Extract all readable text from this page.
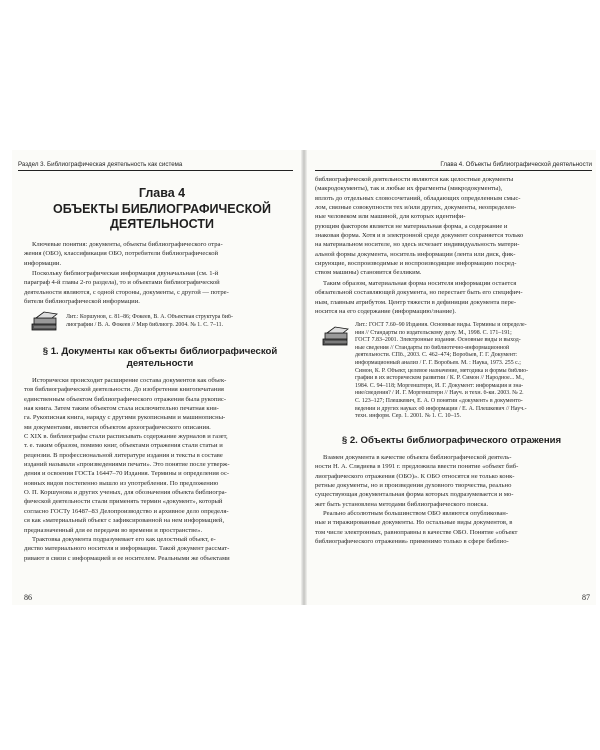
Раздел 3. Библиографическая деятельность как система
Глава 4
ОБЪЕКТЫ БИБЛИОГРАФИЧЕСКОЙ
ДЕЯТЕЛЬНОСТИ
Ключевые понятия: документы, объекты библиографического отра-
жения (ОБО), классификация ОБО, потребители библиографической
информации.
Поскольку библиографическая информация двуначальная (см. 1-й
параграф 4-й главы 2-го раздела), то и объектами библиографической
деятельности являются, с одной стороны, документы, с другой — потре-
бители библиографической информации.
Лит.: Коршунов, с. 81–86; Фокеев, В. А. Объектная структура биб-
лиографии / В. А. Фокеев // Мир библиогр. 2004. № 1. С. 7–11.
§ 1. Документы как объекты библиографической
деятельности
Исторически происходит расширение состава документов как объек-
тов библиографической деятельности. До изобретения книгопечатания
единственным объектом библиографического отражения была рукопис-
ная книга. Затем таким объектом стала исключительно печатная кни-
га. Рукописная книга, наряду с другими рукописными и машинописны-
ми документами, является объектом археографического описания.
С XIX в. библиографы стали расписывать содержание журналов и газет,
т. е. таким образом, помимо книг, объектами отражения стали статьи и
рецензии. В профессиональной литературе издания и тексты в составе
изданий называли «произведениями печати». Это понятие после утверж-
дения и освоения ГОСТа 16447–70 Издания. Термины и определения ос-
новных видов постепенно вышло из употребления. По предложению
О. П. Коршунова и других ученых, для обозначения объекта библиогра-
фической деятельности стали применять термин «документ», который
согласно ГОСТу 16487–83 Делопроизводство и архивное дело определя-
ся как «материальный объект с зафиксированной на нем информацией,
предназначенный для ее передачи во времени и пространстве».
Трактовка документа подразумевает его как целостный объект, е-
диство материального носителя и информации. Такой документ рассмат-
ривают в связи с информацией и ее носителем. Реальными же объектами
86
Глава 4. Объекты библиографической деятельности
библиографической деятельности являются как целостные документы
(макродокументы), так и любые их фрагменты (микродокументы),
вплоть до отдельных словосочетаний, обладающих определенным смыс-
лом, связные совокупности тех и/или других, документы, неопределен-
ные человеком или машиной, для которых идентифи-
рующим фактором является не материальная форма, а содержание и
знаковая форма. Хотя и в электронной среде документ сохраняется только
на материальном носителе, но здесь исчезает индивидуальность матери-
альной формы документа, носитель информации (лента или диск, фик-
сирующие, воспроизводимые и воспроизводящие информацию посред-
ством машины) становится безликим.
Таким образом, материальная форма носителя информации остается
обязательной составляющей документа, но перестает быть его специфич-
ным, главным атрибутом. Центр тяжести в дефиниции документа пере-
носится на его содержание (информацию/знание).
Лит.: ГОСТ 7.60–90 Издания. Основные виды. Термины и определе-
ния // Стандарты по издательскому делу. М., 1998. С. 171–191;
ГОСТ 7.83–2001. Электронные издания. Основные виды и выход-
ные сведения // Стандарты по библиотечно-информационной
деятельности. СПб., 2003. С. 462–474; Воробьев, Г. Г. Документ:
информационный анализ / Г. Г. Воробьев. М. : Наука, 1973. 255 с.;
Симон, К. Р. Объект, целевое назначение, методика и формы библио-
графии в их историческом развитии / К. Р. Симон // Народное... М.,
1984. С. 94–118; Моргенштерн, И. Г. Документ: информация и зна-
ние/сведения? / И. Г. Моргенштерн // Науч. и техн. б-ки. 2003. № 2.
С. 123–127; Плешкевич, Е. А. О понятии «документ» в документо-
ведении и других науках об информации / Е. А. Плешкевич // Науч.-
техн. информ. Сер. 1. 2001. № 1. С. 10–15.
§ 2. Объекты библиографического отражения
Взамен документа в качестве объекта библиографической деятель-
ности Н. А. Слядиева в 1991 г. предложила ввести понятие «объект биб-
лиографического отражения (ОБО)». К ОБО относятся не только конк-
ретные документы, но и произведения духовного творчества, реально
существующая документальная форма которых подразумевается и мо-
жет быть установлена методами библиографического поиска.
Реально абсолютным большинством ОБО являются опубликован-
ные и тиражированные документы. Но остальные виды документов, в
том числе электронных, равноправны в качестве ОБО. Понятие «объект
библиографического отражения» применимо только в сфере библио-
87
